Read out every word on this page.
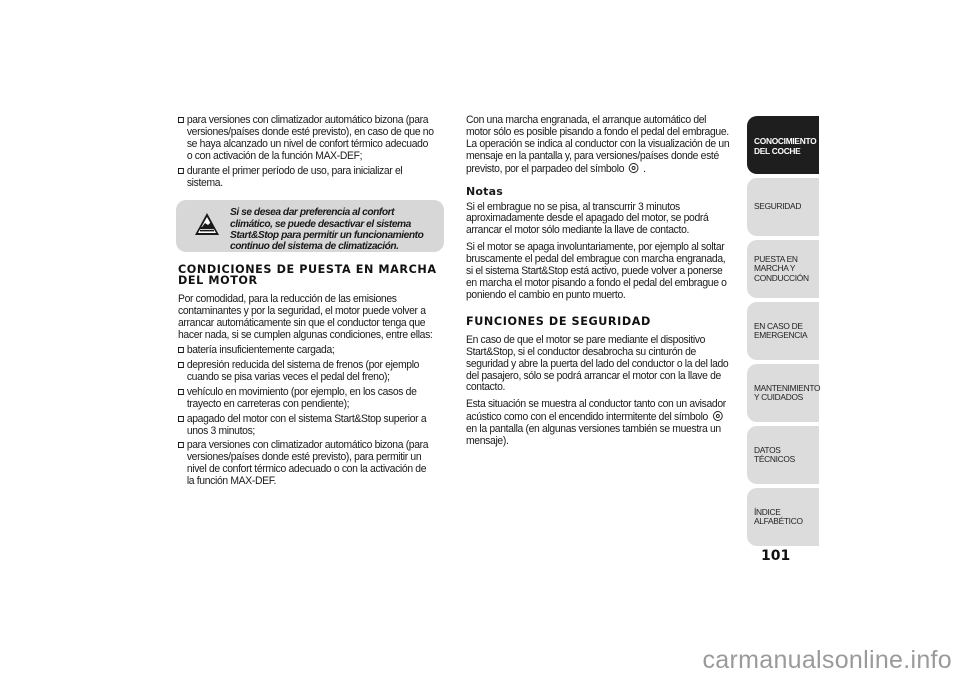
para versiones con climatizador automático bizona (para versiones/países donde esté previsto), en caso de que no se haya alcanzado un nivel de confort térmico adecuado o con activación de la función MAX-DEF;

durante el primer período de uso, para inicializar el sistema.

Si se desea dar preferencia al confort climático, se puede desactivar el sistema Start&Stop para permitir un funcionamiento continuo del sistema de climatización.
CONDICIONES DE PUESTA EN MARCHA DEL MOTOR

Por comodidad, para la reducción de las emisiones contaminantes y por la seguridad, el motor puede volver a arrancar automáticamente sin que el conductor tenga que hacer nada, si se cumplen algunas condiciones, entre ellas:

batería insuficientemente cargada;

depresión reducida del sistema de frenos (por ejemplo cuando se pisa varias veces el pedal del freno);

vehículo en movimiento (por ejemplo, en los casos de trayecto en carreteras con pendiente);

apagado del motor con el sistema Start&Stop superior a unos 3 minutos;

para versiones con climatizador automático bizona (para versiones/países donde esté previsto), para permitir un nivel de confort térmico adecuado o con la activación de la función MAX-DEF.

Con una marcha engranada, el arranque automático del motor sólo es posible pisando a fondo el pedal del embrague. La operación se indica al conductor con la visualización de un mensaje en la pantalla y, para versiones/países donde esté previsto, por el parpadeo del símbolo .

Notas

Si el embrague no se pisa, al transcurrir 3 minutos aproximadamente desde el apagado del motor, se podrá arrancar el motor sólo mediante la llave de contacto.

Si el motor se apaga involuntariamente, por ejemplo al soltar bruscamente el pedal del embrague con marcha engranada, si el sistema Start&Stop está activo, puede volver a ponerse en marcha el motor pisando a fondo el pedal del embrague o poniendo el cambio en punto muerto.

FUNCIONES DE SEGURIDAD

En caso de que el motor se pare mediante el dispositivo Start&Stop, si el conductor desabrocha su cinturón de seguridad y abre la puerta del lado del conductor o la del lado del pasajero, sólo se podrá arrancar el motor con la llave de contacto.

Esta situación se muestra al conductor tanto con un avisador acústico como con el encendido intermitente del símbolo  en la pantalla (en algunas versiones también se muestra un mensaje).

CONOCIMIENTO DEL COCHE
SEGURIDAD
PUESTA EN MARCHA Y CONDUCCIÓN
EN CASO DE EMERGENCIA
MANTENIMIENTO Y CUIDADOS
DATOS TÉCNICOS
ÍNDICE ALFABÉTICO
101
carmanualsonline.info
